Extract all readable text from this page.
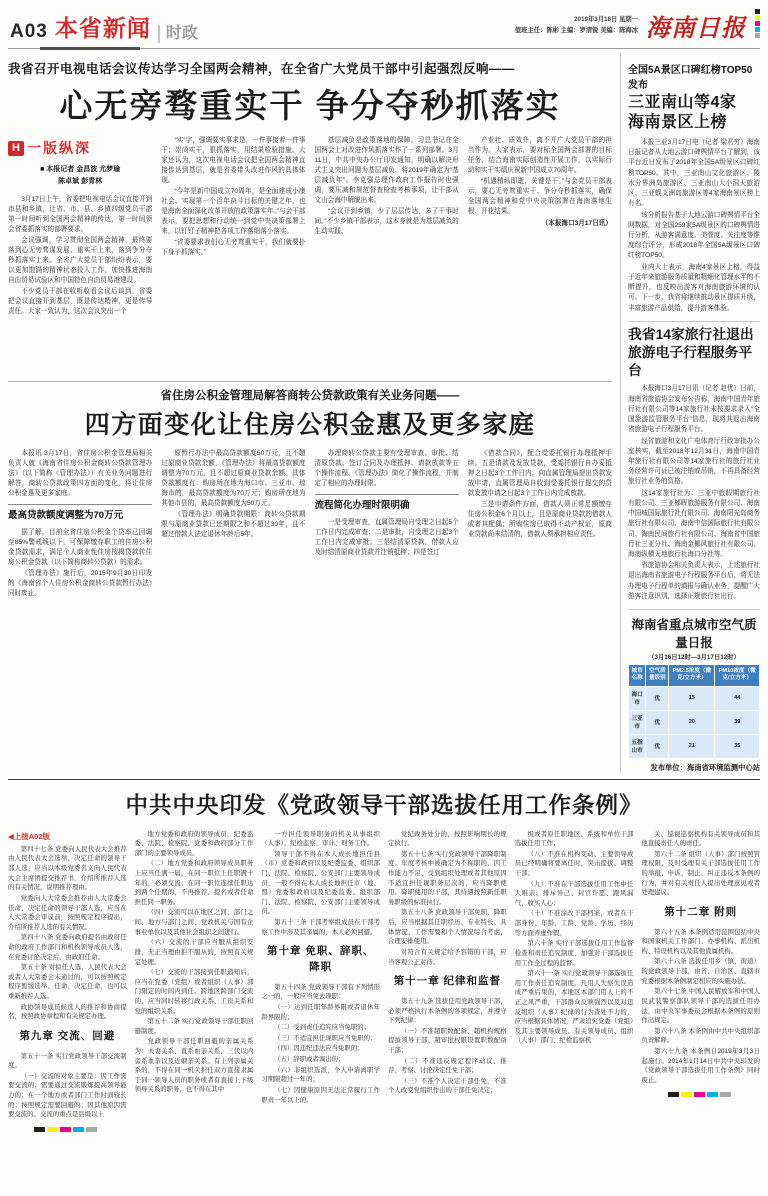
A03 本省新闻 时政
2019年3月18日 星期一
值班主任：陈彬 主编：罗清锐 美编：陈海冰 海南日报
我省召开电视电话会议传达学习全国两会精神，在全省广大党员干部中引起强烈反响——
心无旁骛重实干 争分夺秒抓落实
H 一版纵深
■ 本报记者 金昌波 尤梦瑜
陈卓斌 彭青林
3月17日上午，省委把电视电话会议直接开到市县和乡镇，让省、市、县、乡镇四级党员干部第一时间听到全国两会精神的传达，第一时间领会省委抓落实的部署要求。
会议强调，学习贯彻全国两会精神，最终要落到心无旁骛谋发展、重实干上来，落到争分夺秒抓落实上来。全省广大党员干部纷纷表示，要以更加饱满的精神状态投入工作，加快推进海南自由贸易试验区和中国特色自由贸易港建设。
不少党员干部在收听收看会议后谈到，省委把会议直接开到基层，既是传达精神，更是传导责任。大家一致认为，这次会议突出一个
“实”字，强调要实事求是，一件事接着一件事干；崇尚实干，狠抓落实，用结果检验措施。大家还认为，这次电视电话会议把全国两会精神直接传达到基层，就是省委带头改进作风的具体体现。
“今年是新中国成立70周年，是全面建成小康社会、实现第一个百年奋斗目标的关键之年，也是海南全面深化改革开放的政策落实年。”与会干部表示，要把思想和行动统一到党中央决策部署上来，以钉钉子精神把各项工作落细落小落实。
“省委要求我们心无旁骛重实干，我们就要扑下身子抓落实。”
基层减负是政策落地的保障。习总书记在全国两会上对改进作风抓落实作了一系列部署。3月11日，中共中央办公厅印发通知，明确以解决形式主义突出问题为基层减负，将2019年确定为“基层减负年”。李克强总理作政府工作报告时也强调，要压减和规范督查检查考核事项，让干部从文山会海中解脱出来。
“会议开到乡镇，少了层层传达，多了干事时间。”不少乡镇干部表示，这本身就是为基层减负的生动实践。
产业壮、质效升，离不开广大党员干部的担当作为。大家表示，要对标全国两会部署的目标任务，结合海南实际创造性开展工作，以实际行动和实干实绩庆祝新中国成立70周年。
“机遇稍纵即逝，关键是干。”与会党员干部表示，要心无旁骛重实干、争分夺秒抓落实，确保全国两会精神和党中央决策部署在海南落地生根、开花结果。
（本报海口3月17日讯）
省住房公积金管理局解答商转公贷款政策有关业务问题——
四方面变化让住房公积金惠及更多家庭
本报讯 3月17日，省住房公积金管理局相关负责人就《海南省住房公积金商转公贷款管理办法》（以下简称《管理办法》）有关业务问题进行解答，商转公贷款政策四方面的变化，将让住房公积金惠及更多家庭。
最高贷款额度调整为70万元
据了解，目前全省住房公积金个贷率已回调至85%警戒线以下，可保障缴存职工的住房公积金贷款需求，满足个人商业性住房按揭贷款转住房公积金贷款（以下简称商转公贷款）的需求。
《管理办法》施行后，2015年9月30日印发的《海南省个人住房公积金商转公贷款暂行办法》同时废止。
原暂行办法中最高贷款额度50万元，且不超过原商业贷款余额，《管理办法》将最高贷款额度调整为70万元，且不超过原商业贷款余额。具体贷款额度有：购房所在地为海口市、三亚市、琼海市的，最高贷款额度为70万元；购房所在地为其他市县的，最高贷款额度为50万元。
《管理办法》明确贷款期限：商转公贷款期限与原商业贷款已还期限之和不超过30年，且不超过借款人法定退休年龄后5年。
办理商转公贷款主要有受理审查、审批、结清原贷款、签订合同及办理抵押、请款放款等五个操作流程。《管理办法》简化了操作流程，并制定了相应的办理时限。
流程简化办理时限明确
一是受理审查，直属管理局自受理之日起5个工作日内完成审查；二是审批，自受理之日起3个工作日内完成审批；三是结清原贷款，借款人应及时结清原商业贷款并注销抵押；四是签订
《借款合同》，配合受委托银行办理抵押手续。五是请款及发放贷款，受委托银行自办妥抵押之日起3个工作日内，向直属管理局提出贷款发放申请，直属管理局自收到受委托银行提交的贷款发放申请之日起3个工作日内完成放款。
三是申请条件方面，借款人须正常足额缴存住房公积金6个月以上，且是原商业贷款的借款人或者其配偶；所购住房已取得不动产权证，原商业贷款尚未结清的，借款人须承担相应责任。
全国5A景区口碑红榜TOP50发布
三亚南山等4家
海南景区上榜
本报三亚3月17日电（记者 梁君穷）海南日报记者从大地云游口碑舆情平台了解到，该平台近日发布了2018年全国5A级景区口碑红榜TOP50。其中，三亚南山文化旅游区、陵水分界洲岛旅游区、三亚南山大小洞天旅游区、三亚蜈支洲岛旅游区等4家海南景区榜上有名。
该分析报告基于大地云游口碑舆情平台全网数据，对全国259家5A级景区的口碑舆情进行分析，从游客满意度、美誉度、关注度等维度综合评分，形成2018年全国5A级景区口碑红榜TOP50。
业内人士表示，海南4家景区上榜，得益于近年来旅游服务质量和精细化管理水平的不断提升，也反映出游客对海南旅游环境的认可。下一步，我省将继续推动景区提质升级，丰富旅游产品供给，提升游客体验。
我省14家旅行社退出
旅游电子行程服务平台
本报海口3月17日讯（记者 赵优）日前，海南省旅游协会发布公告称，海南中国青年旅行社有限公司等14家旅行社未按要求录入“全国旅游监管服务平台”信息，现将其退出海南省旅游电子行程服务平台。
经省旅游和文化广电体育厅行政审批办公室核实，截至2018年12月31日，海南中国青年旅行社有限公司等14家旅行社的旅行社业务经营许可证已被注销或吊销，不再具备经营旅行社业务的资格。
这14家旅行社为：三亚中旅假期旅行社有限公司、三亚椰晖旅游服务有限公司、海南中国城国际旅行社有限公司、海南阳光岛商务旅行社有限公司、海南中信国际旅行社有限公司、海南民间旅行社有限公司、海南省中国旅行社三亚分社、海南金椰风旅行社有限公司、海南纵横天地旅行社海口分社等。
省旅游协会相关负责人表示，上述旅行社退出海南省旅游电子行程服务平台后，将无法办理电子行程单的填报与确认业务，提醒广大游客注意识别，选择正规旅行社出行。
海南省重点城市空气质量日报
（3月16日12时—3月17日12时）
城市名称	空气质量级别	PM2.5浓度（微克/立方米）	PM10浓度（微克/立方米）
海口市	优	15	44
三亚市	优	20	39
五指山市	优	21	35
发布单位：海南省环境监测中心站
中共中央印发《党政领导干部选拔任用工作条例》
◀上接A02版
第四十七条 党委向人民代表大会推荐由人民代表大会选举、决定任命的领导干部人选，应当以本级党委名义向人民代表大会主席团提交推荐书，介绍所推荐人选的有关情况，说明推荐理由。
党委向人大常委会推荐由人大常委会任命、决定任命的领导干部人选，应当在人大常委会审议前，按照规定程序提出，介绍所推荐人选的有关情况。
第四十八条 党委向政府提名由政府任命的政府工作部门和机构领导成员人选，在党委讨论决定后，由政府任命。
第五十条 对拟任人选，人民代表大会或者人大常委会未通过的，可以按照规定程序暂缓选举、任命、决定任命，也可以重新推荐人选。
政协领导成员候选人的推荐和协商提名，按照政协章程和有关规定办理。
第九章 交流、回避
第五十一条 实行党政领导干部交流制度。
（一）交流的对象主要是：因工作需要交流的；需要通过交流锻炼提高领导能力的；在一个地方或者部门工作时间较长的；按照规定需要回避的；因其他原因需要交流的。交流的重点是县级以上
地方党委和政府的领导成员，纪委监委、法院、检察院、党委和政府部分工作部门的主要领导成员。
（二）地方党委和政府领导成员职务上应当任满一届，在同一职位上任职满十年的，必须交流；在同一职位连续任职达到两个任期的，不再推荐、提名或者任命担任同一职务。
（四）交流可以在地区之间、部门之间、地方与部门之间、党政机关与国有企事业单位以及其他社会组织之间进行。
（六）交流的干部应当服从组织安排，无正当理由拒不服从的，按照有关规定处理。
（七）交流的干部接到任职通知后，应当在党委（党组）或者组织（人事）部门限定的时间内到任。跨地区跨部门交流的，应当同时转移行政关系、工资关系和党的组织关系。
第五十二条 实行党政领导干部任职回避制度。
党政领导干部任职回避的亲属关系为：夫妻关系、直系血亲关系、三代以内旁系血亲以及近姻亲关系。有上列亲属关系的，不得在同一机关担任双方直接隶属于同一领导人员的职务或者有直接上下级领导关系的职务，也不得在其中
一方担任领导职务的机关从事组织（人事）、纪检监察、审计、财务工作。
领导干部不得在本人成长地担任县（市）党委和政府以及纪委监委、组织部门、法院、检察院、公安部门主要领导成员，一般不得在本人成长地担任市（地、盟）党委和政府以及纪委监委、组织部门、法院、检察院、公安部门主要领导成员。
第五十三条 干部考察组成员在干部考察工作中涉及其亲属的，本人必须回避。
第十章 免职、辞职、降职
第五十四条 党政领导干部有下列情形之一的，一般应当免去现职：
（一）达到任职年龄界限或者退休年龄界限的；
（二）受到责任追究应当免职的；
（三）不适宜担任现职应当免职的；
（四）因违纪违法应当免职的；
（五）辞职或者调出的；
（六）非组织选派，个人申请离职学习期限超过一年的；
（七）因健康原因无法正常履行工作职责一年以上的。
党纪政务处分的，按照影响期长的规定执行。
第五十七条 实行党政领导干部降职制度。年度考核中被确定为不称职的，因工作能力不足、受到组织处理或者其他原因不适宜担任现职务层次的，应当降职使用。降职使用的干部，其待遇按照新任职务职级的标准执行。
第五十八条 党政领导干部免职、降职后，应当根据其任职经历、专业特长、具体情况、工作需要和个人情况综合考虑，合理安排使用。
对符合有关规定给予容错的干部，应当客观公正对待。
第十一章 纪律和监督
第五十九条 选拔任用党政领导干部，必须严格执行本条例的各项规定，并遵守下列纪律：
（一）不准超职数配备、超机构规格提拔领导干部、超审批权限设置职数配备干部；
（二）不准违反规定程序动议、推荐、考察、讨论决定任免干部；
（三）不准个人决定干部任免，不准个人改变党组织作出的干部任免决定；
级或者原任职地区、系统和单位干部选拔任用工作；
（八）不准在机构变动、主要领导成员已经明确将要离任时，突击提拔、调整干部；
（九）不准在干部选拔任用工作中任人唯亲、排斥异己、封官许愿、跑风漏气、收买人心；
（十）不准涂改干部档案，或者在干部身份、年龄、工龄、党龄、学历、经历等方面弄虚作假。
第六十条 实行干部选拔任用工作监督检查和责任追究制度，加强对干部选拔任用工作全过程的监督。
第六十一条 实行党政领导干部选拔任用工作责任追究制度。凡用人失察失误造成严重后果的，本地区本部门用人上的不正之风严重，干部群众反映强烈以及对违反组织（人事）纪律的行为查处不力的，应当根据具体情况，严肃追究党委（党组）及其主要领导成员、有关领导成员、组织（人事）部门、纪检监察机
关、巡视巡察机构有关领导成员和其他直接责任人的责任。
第六十二条 组织（人事）部门按照管理权限，及时受理有关干部选拔任用工作的举报、申诉，制止、纠正违反本条例的行为，并对有关责任人提出处理意见或者处理建议。
第十二章 附则
第六十五条 本条例适用范围包括中央和国家机关工作部门、办事机构、派出机构、特设机构以及其他直属机构。
第六十六条 选拔任用乡（镇、街道）的党政领导干部，由省、自治区、直辖市党委根据本条例制定相应的实施办法。
第六十七条 中国人民解放军和中国人民武装警察部队领导干部的选拔任用办法，由中央军事委员会根据本条例的原则作出规定。
第六十八条 本条例由中共中央组织部负责解释。
第六十九条 本条例自2019年3月3日起施行。2014年1月14日中共中央印发的《党政领导干部选拔任用工作条例》同时废止。
